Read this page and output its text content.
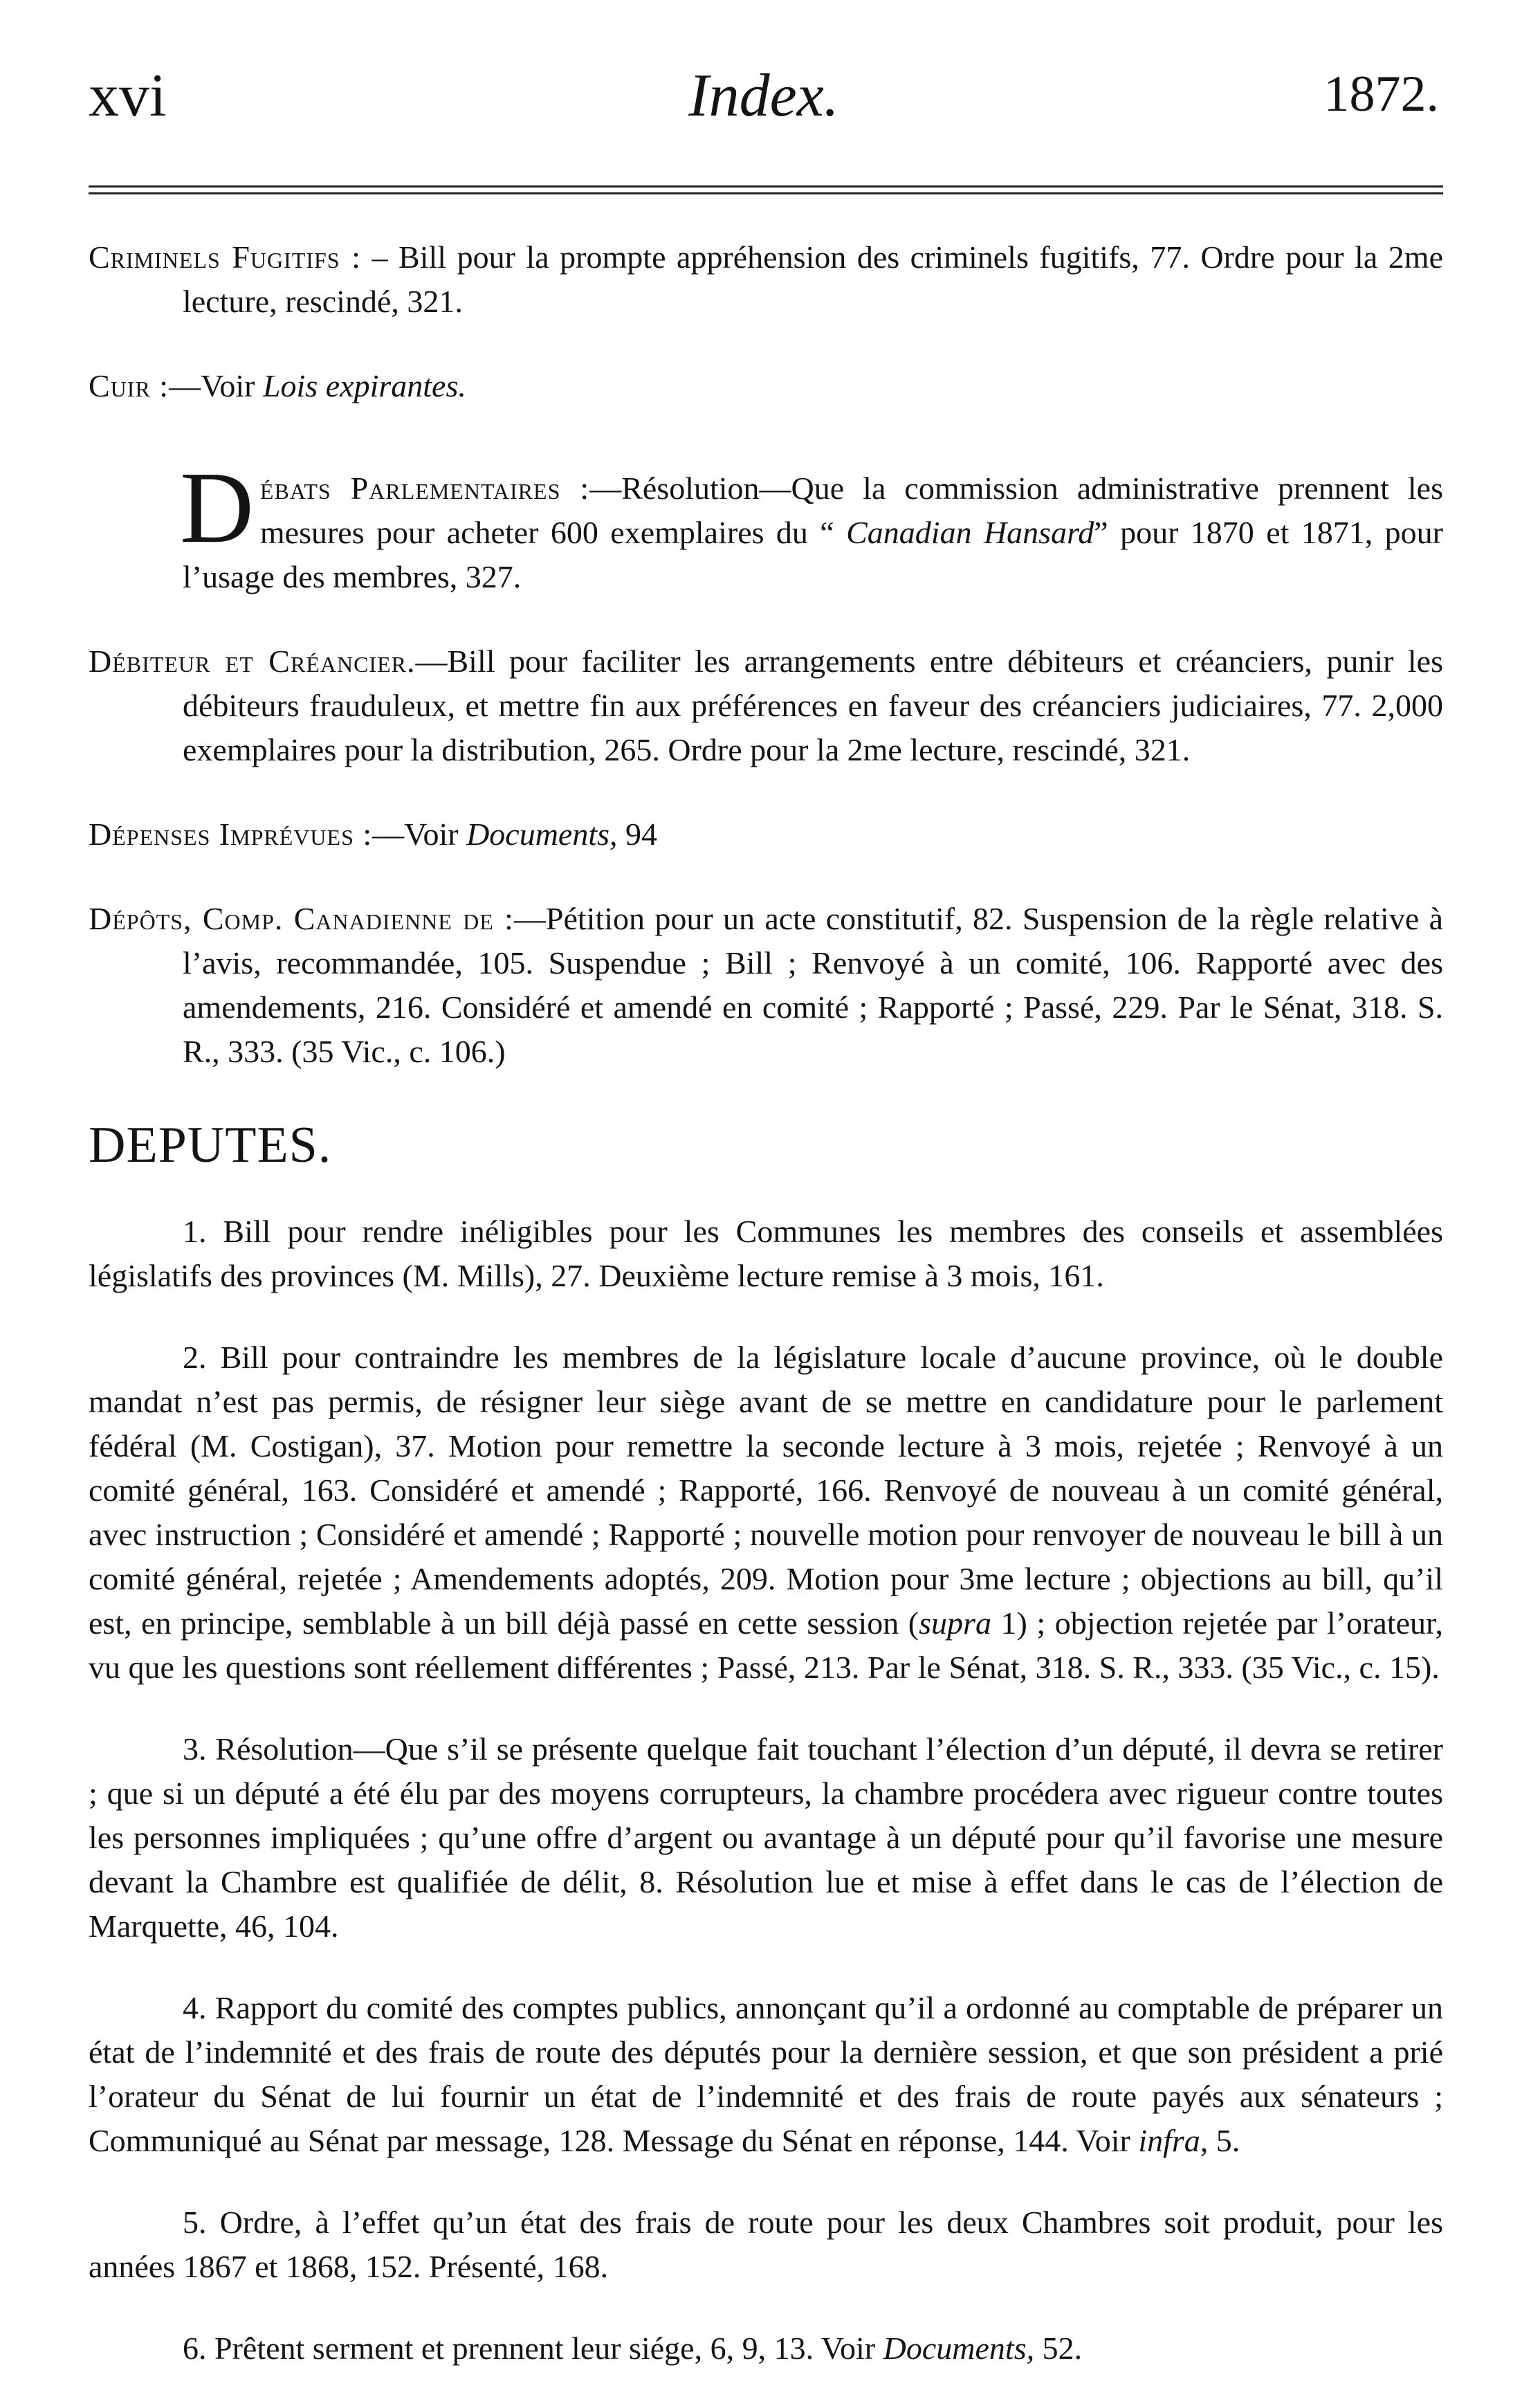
xvi	Index.	1872.

Criminels Fugitifs : – Bill pour la prompte appréhension des criminels fugitifs, 77. Ordre pour la 2me lecture, rescindé, 321.

Cuir :—Voir Lois expirantes.

Débats Parlementaires :—Résolution—Que la commission administrative prennent les mesures pour acheter 600 exemplaires du “ Canadian Hansard” pour 1870 et 1871, pour l’usage des membres, 327.

Débiteur et Créancier.—Bill pour faciliter les arrangements entre débiteurs et créanciers, punir les débiteurs frauduleux, et mettre fin aux préférences en faveur des créanciers judiciaires, 77. 2,000 exemplaires pour la distribution, 265. Ordre pour la 2me lecture, rescindé, 321.

Dépenses Imprévues :—Voir Documents, 94

Dépôts, Comp. Canadienne de :—Pétition pour un acte constitutif, 82. Suspension de la règle relative à l’avis, recommandée, 105. Suspendue ; Bill ; Renvoyé à un comité, 106. Rapporté avec des amendements, 216. Considéré et amendé en comité ; Rapporté ; Passé, 229. Par le Sénat, 318. S. R., 333. (35 Vic., c. 106.)

DEPUTES.

1. Bill pour rendre inéligibles pour les Communes les membres des conseils et assemblées législatifs des provinces (M. Mills), 27. Deuxième lecture remise à 3 mois, 161.

2. Bill pour contraindre les membres de la législature locale d’aucune province, où le double mandat n’est pas permis, de résigner leur siège avant de se mettre en candidature pour le parlement fédéral (M. Costigan), 37. Motion pour remettre la seconde lecture à 3 mois, rejetée ; Renvoyé à un comité général, 163. Considéré et amendé ; Rapporté, 166. Renvoyé de nouveau à un comité général, avec instruction ; Considéré et amendé ; Rapporté ; nouvelle motion pour renvoyer de nouveau le bill à un comité général, rejetée ; Amendements adoptés, 209. Motion pour 3me lecture ; objections au bill, qu’il est, en principe, semblable à un bill déjà passé en cette session (supra 1) ; objection rejetée par l’orateur, vu que les questions sont réellement différentes ; Passé, 213. Par le Sénat, 318. S. R., 333. (35 Vic., c. 15).

3. Résolution—Que s’il se présente quelque fait touchant l’élection d’un député, il devra se retirer ; que si un député a été élu par des moyens corrupteurs, la chambre procédera avec rigueur contre toutes les personnes impliquées ; qu’une offre d’argent ou avantage à un député pour qu’il favorise une mesure devant la Chambre est qualifiée de délit, 8. Résolution lue et mise à effet dans le cas de l’élection de Marquette, 46, 104.

4. Rapport du comité des comptes publics, annonçant qu’il a ordonné au comptable de préparer un état de l’indemnité et des frais de route des députés pour la dernière session, et que son président a prié l’orateur du Sénat de lui fournir un état de l’indemnité et des frais de route payés aux sénateurs ; Communiqué au Sénat par message, 128. Message du Sénat en réponse, 144. Voir infra, 5.

5. Ordre, à l’effet qu’un état des frais de route pour les deux Chambres soit produit, pour les années 1867 et 1868, 152. Présenté, 168.

6. Prêtent serment et prennent leur siége, 6, 9, 13. Voir Documents, 52.
